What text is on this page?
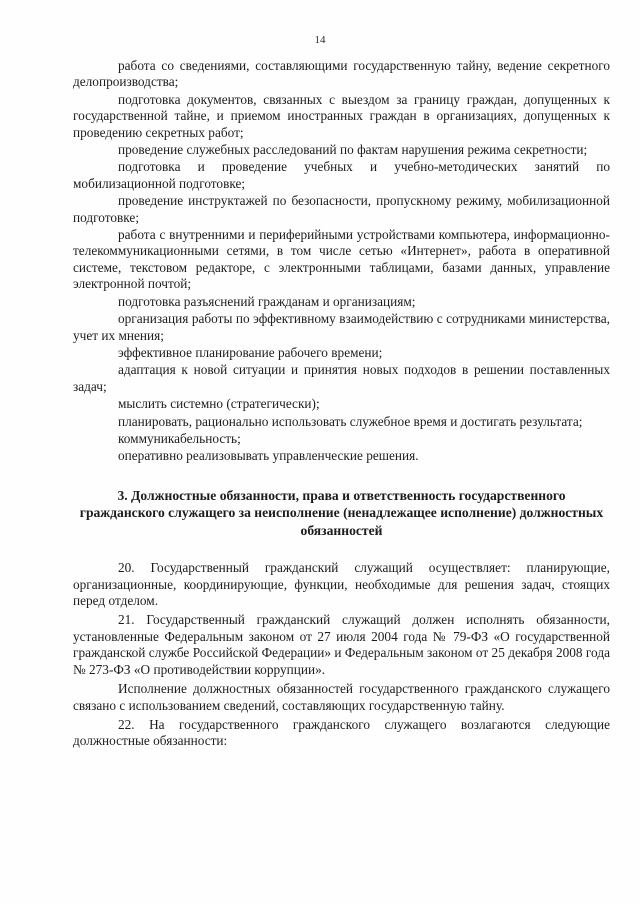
14

работа со сведениями, составляющими государственную тайну, ведение секретного делопроизводства;

подготовка документов, связанных с выездом за границу граждан, допущенных к государственной тайне, и приемом иностранных граждан в организациях, допущенных к проведению секретных работ;

проведение служебных расследований по фактам нарушения режима секретности;

подготовка и проведение учебных и учебно-методических занятий по мобилизационной подготовке;

проведение инструктажей по безопасности, пропускному режиму, мобилизационной подготовке;

работа с внутренними и периферийными устройствами компьютера, информационно-телекоммуникационными сетями, в том числе сетью «Интернет», работа в оперативной системе, текстовом редакторе, с электронными таблицами, базами данных, управление электронной почтой;

подготовка разъяснений гражданам и организациям;

организация работы по эффективному взаимодействию с сотрудниками министерства, учет их мнения;

эффективное планирование рабочего времени;

адаптация к новой ситуации и принятия новых подходов в решении поставленных задач;

мыслить системно (стратегически);

планировать, рационально использовать служебное время и достигать результата;

коммуникабельность;

оперативно реализовывать управленческие решения.

3. Должностные обязанности, права и ответственность государственного гражданского служащего за неисполнение (ненадлежащее исполнение) должностных обязанностей

20. Государственный гражданский служащий осуществляет: планирующие, организационные, координирующие, функции, необходимые для решения задач, стоящих перед отделом.

21. Государственный гражданский служащий должен исполнять обязанности, установленные Федеральным законом от 27 июля 2004 года № 79-ФЗ «О государственной гражданской службе Российской Федерации» и Федеральным законом от 25 декабря 2008 года № 273-ФЗ «О противодействии коррупции».

Исполнение должностных обязанностей государственного гражданского служащего связано с использованием сведений, составляющих государственную тайну.

22. На государственного гражданского служащего возлагаются следующие должностные обязанности:
